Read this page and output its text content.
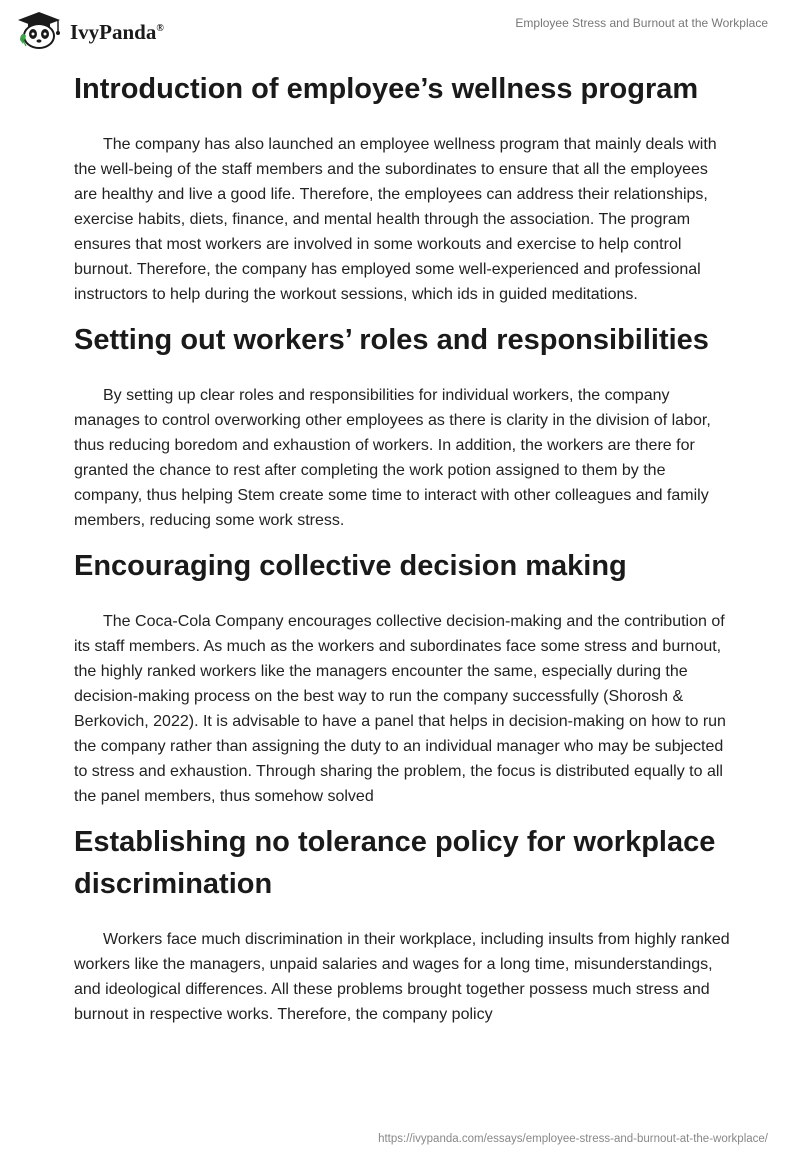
IvyPanda®	Employee Stress and Burnout at the Workplace
Introduction of employee’s wellness program

The company has also launched an employee wellness program that mainly deals with the well-being of the staff members and the subordinates to ensure that all the employees are healthy and live a good life. Therefore, the employees can address their relationships, exercise habits, diets, finance, and mental health through the association. The program ensures that most workers are involved in some workouts and exercise to help control burnout. Therefore, the company has employed some well-experienced and professional instructors to help during the workout sessions, which ids in guided meditations.

Setting out workers’ roles and responsibilities

By setting up clear roles and responsibilities for individual workers, the company manages to control overworking other employees as there is clarity in the division of labor, thus reducing boredom and exhaustion of workers. In addition, the workers are there for granted the chance to rest after completing the work potion assigned to them by the company, thus helping Stem create some time to interact with other colleagues and family members, reducing some work stress.

Encouraging collective decision making

The Coca-Cola Company encourages collective decision-making and the contribution of its staff members. As much as the workers and subordinates face some stress and burnout, the highly ranked workers like the managers encounter the same, especially during the decision-making process on the best way to run the company successfully (Shorosh & Berkovich, 2022). It is advisable to have a panel that helps in decision-making on how to run the company rather than assigning the duty to an individual manager who may be subjected to stress and exhaustion. Through sharing the problem, the focus is distributed equally to all the panel members, thus somehow solved

Establishing no tolerance policy for workplace discrimination

Workers face much discrimination in their workplace, including insults from highly ranked workers like the managers, unpaid salaries and wages for a long time, misunderstandings, and ideological differences. All these problems brought together possess much stress and burnout in respective works. Therefore, the company policy

https://ivypanda.com/essays/employee-stress-and-burnout-at-the-workplace/
